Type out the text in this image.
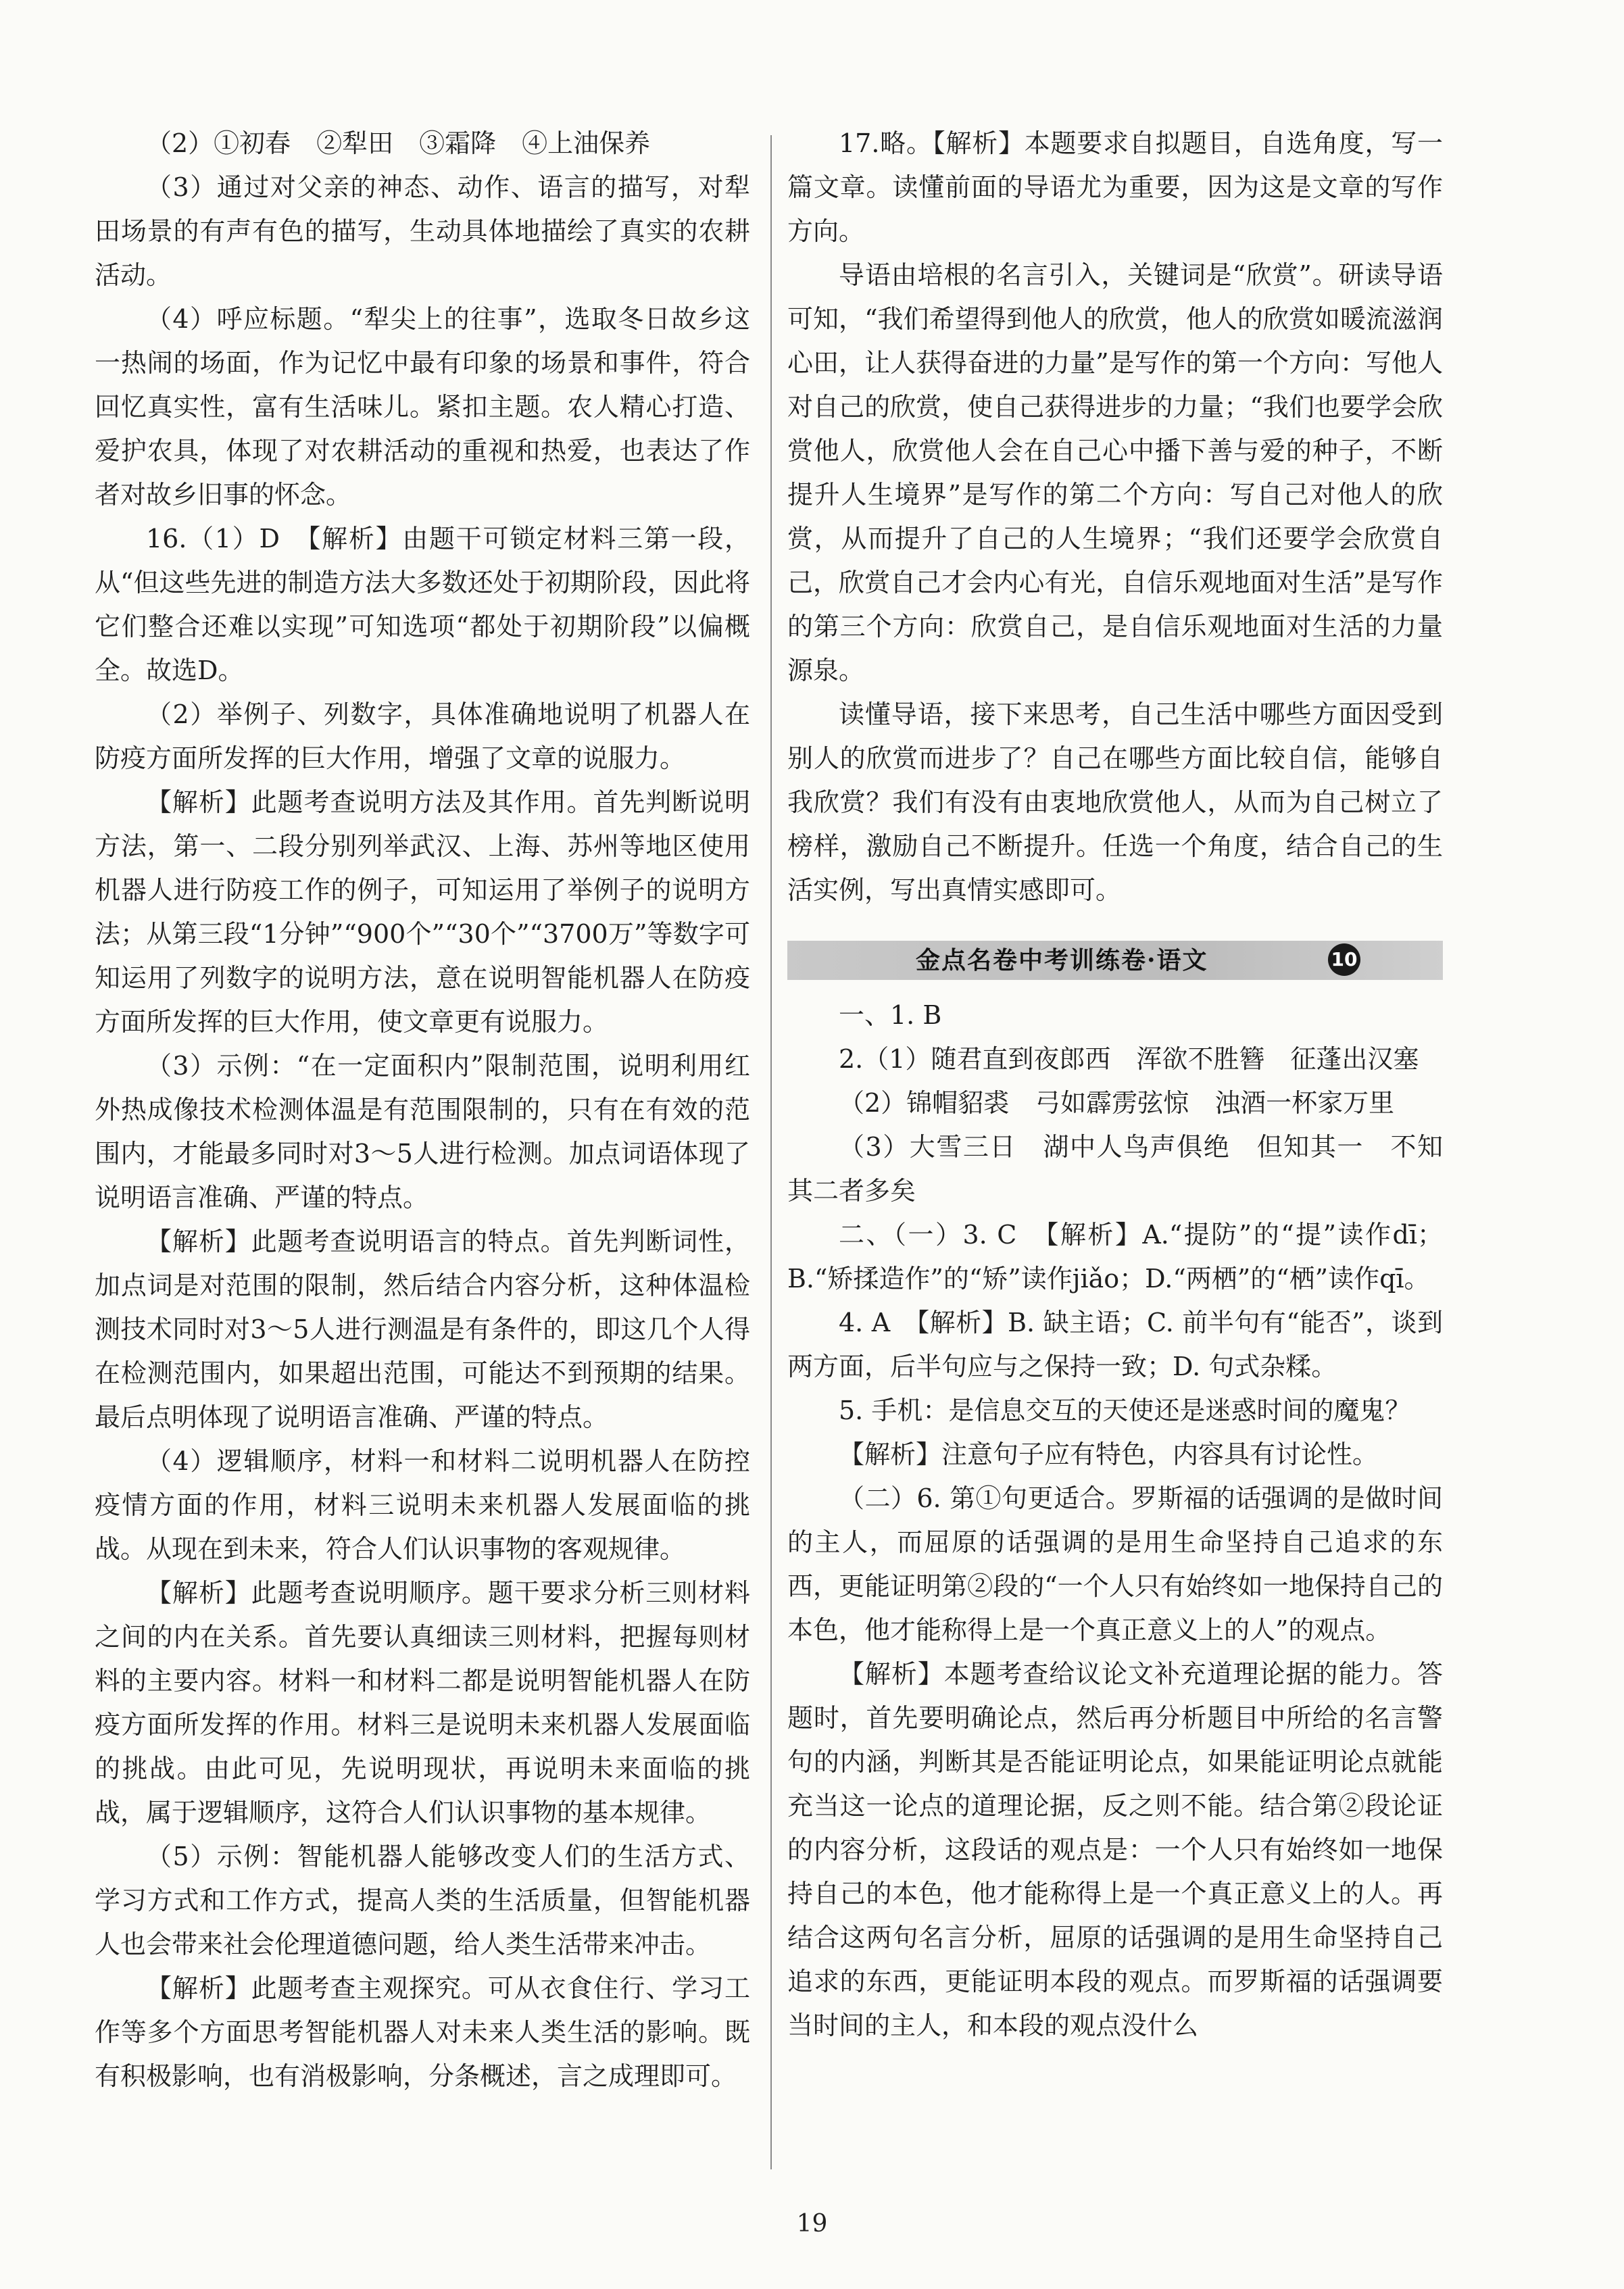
（2）①初春　②犁田　③霜降　④上油保养

（3）通过对父亲的神态、动作、语言的描写，对犁田场景的有声有色的描写，生动具体地描绘了真实的农耕活动。

（4）呼应标题。“犁尖上的往事”，选取冬日故乡这一热闹的场面，作为记忆中最有印象的场景和事件，符合回忆真实性，富有生活味儿。紧扣主题。农人精心打造、爱护农具，体现了对农耕活动的重视和热爱，也表达了作者对故乡旧事的怀念。

16.（1）D　【解析】由题干可锁定材料三第一段，从“但这些先进的制造方法大多数还处于初期阶段，因此将它们整合还难以实现”可知选项“都处于初期阶段”以偏概全。故选D。

（2）举例子、列数字，具体准确地说明了机器人在防疫方面所发挥的巨大作用，增强了文章的说服力。

【解析】此题考查说明方法及其作用。首先判断说明方法，第一、二段分别列举武汉、上海、苏州等地区使用机器人进行防疫工作的例子，可知运用了举例子的说明方法；从第三段“1分钟”“900个”“30个”“3700万”等数字可知运用了列数字的说明方法，意在说明智能机器人在防疫方面所发挥的巨大作用，使文章更有说服力。

（3）示例：“在一定面积内”限制范围，说明利用红外热成像技术检测体温是有范围限制的，只有在有效的范围内，才能最多同时对3～5人进行检测。加点词语体现了说明语言准确、严谨的特点。

【解析】此题考查说明语言的特点。首先判断词性，加点词是对范围的限制，然后结合内容分析，这种体温检测技术同时对3～5人进行测温是有条件的，即这几个人得在检测范围内，如果超出范围，可能达不到预期的结果。最后点明体现了说明语言准确、严谨的特点。

（4）逻辑顺序，材料一和材料二说明机器人在防控疫情方面的作用，材料三说明未来机器人发展面临的挑战。从现在到未来，符合人们认识事物的客观规律。

【解析】此题考查说明顺序。题干要求分析三则材料之间的内在关系。首先要认真细读三则材料，把握每则材料的主要内容。材料一和材料二都是说明智能机器人在防疫方面所发挥的作用。材料三是说明未来机器人发展面临的挑战。由此可见，先说明现状，再说明未来面临的挑战，属于逻辑顺序，这符合人们认识事物的基本规律。

（5）示例：智能机器人能够改变人们的生活方式、学习方式和工作方式，提高人类的生活质量，但智能机器人也会带来社会伦理道德问题，给人类生活带来冲击。

【解析】此题考查主观探究。可从衣食住行、学习工作等多个方面思考智能机器人对未来人类生活的影响。既有积极影响，也有消极影响，分条概述，言之成理即可。

17.略。【解析】本题要求自拟题目，自选角度，写一篇文章。读懂前面的导语尤为重要，因为这是文章的写作方向。

导语由培根的名言引入，关键词是“欣赏”。研读导语可知，“我们希望得到他人的欣赏，他人的欣赏如暖流滋润心田，让人获得奋进的力量”是写作的第一个方向：写他人对自己的欣赏，使自己获得进步的力量；“我们也要学会欣赏他人，欣赏他人会在自己心中播下善与爱的种子，不断提升人生境界”是写作的第二个方向：写自己对他人的欣赏，从而提升了自己的人生境界；“我们还要学会欣赏自己，欣赏自己才会内心有光，自信乐观地面对生活”是写作的第三个方向：欣赏自己，是自信乐观地面对生活的力量源泉。

读懂导语，接下来思考，自己生活中哪些方面因受到别人的欣赏而进步了？自己在哪些方面比较自信，能够自我欣赏？我们有没有由衷地欣赏他人，从而为自己树立了榜样，激励自己不断提升。任选一个角度，结合自己的生活实例，写出真情实感即可。

金点名卷中考训练卷·语文	10

一、1. B

2.（1）随君直到夜郎西　浑欲不胜簪　征蓬出汉塞

（2）锦帽貂裘　弓如霹雳弦惊　浊酒一杯家万里

（3）大雪三日　湖中人鸟声俱绝　但知其一　不知其二者多矣

二、（一）3. C　【解析】A.“提防”的“提”读作dī；B.“矫揉造作”的“矫”读作jiǎo；D.“两栖”的“栖”读作qī。

4. A　【解析】B. 缺主语；C. 前半句有“能否”，谈到两方面，后半句应与之保持一致；D. 句式杂糅。

5. 手机：是信息交互的天使还是迷惑时间的魔鬼？

【解析】注意句子应有特色，内容具有讨论性。

（二）6. 第①句更适合。罗斯福的话强调的是做时间的主人，而屈原的话强调的是用生命坚持自己追求的东西，更能证明第②段的“一个人只有始终如一地保持自己的本色，他才能称得上是一个真正意义上的人”的观点。

【解析】本题考查给议论文补充道理论据的能力。答题时，首先要明确论点，然后再分析题目中所给的名言警句的内涵，判断其是否能证明论点，如果能证明论点就能充当这一论点的道理论据，反之则不能。结合第②段论证的内容分析，这段话的观点是：一个人只有始终如一地保持自己的本色，他才能称得上是一个真正意义上的人。再结合这两句名言分析，屈原的话强调的是用生命坚持自己追求的东西，更能证明本段的观点。而罗斯福的话强调要当时间的主人，和本段的观点没什么

19
